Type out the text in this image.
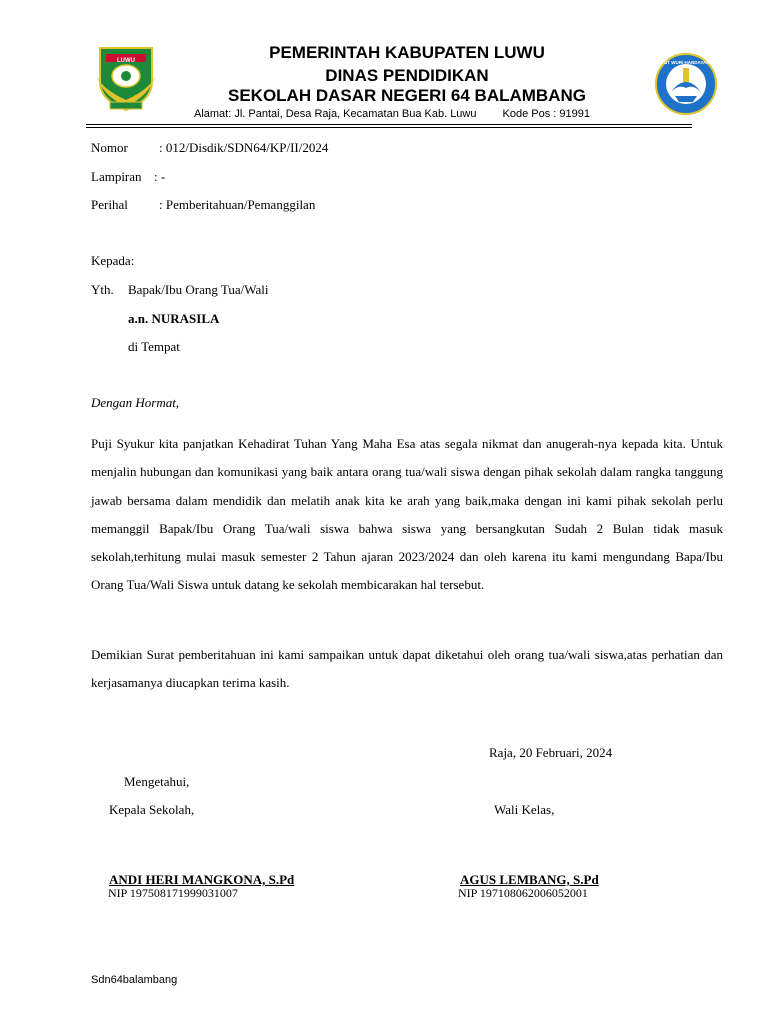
LUWU	TUT WURI HANDAYANI
PEMERINTAH KABUPATEN LUWU
DINAS PENDIDIKAN
SEKOLAH DASAR NEGERI 64 BALAMBANG
Alamat: Jl. Pantai, Desa Raja, Kecamatan Bua Kab. Luwu Kode Pos : 91991
Nomor : 012/Disdik/SDN64/KP/II/2024
Lampiran : -
Perihal : Pemberitahuan/Pemanggilan
Kepada:
Yth. Bapak/Ibu Orang Tua/Wali
a.n. NURASILA
di Tempat
Dengan Hormat,
Puji Syukur kita panjatkan Kehadirat Tuhan Yang Maha Esa atas segala nikmat dan anugerah-nya kepada kita. Untuk menjalin hubungan dan komunikasi yang baik antara orang tua/wali siswa dengan pihak sekolah dalam rangka tanggung jawab bersama dalam mendidik dan melatih anak kita ke arah yang baik,maka dengan ini kami pihak sekolah perlu memanggil Bapak/Ibu Orang Tua/wali siswa bahwa siswa yang bersangkutan Sudah 2 Bulan tidak masuk sekolah,terhitung mulai masuk semester 2 Tahun ajaran 2023/2024 dan oleh karena itu kami mengundang Bapa/Ibu Orang Tua/Wali Siswa untuk datang ke sekolah membicarakan hal tersebut.
Demikian Surat pemberitahuan ini kami sampaikan untuk dapat diketahui oleh orang tua/wali siswa,atas perhatian dan kerjasamanya diucapkan terima kasih.
Raja, 20 Februari, 2024
Mengetahui,
Kepala Sekolah,	Wali Kelas,
ANDI HERI MANGKONA, S.Pd
NIP 197508171999031007
AGUS LEMBANG, S.Pd
NIP 197108062006052001
Sdn64balambang
